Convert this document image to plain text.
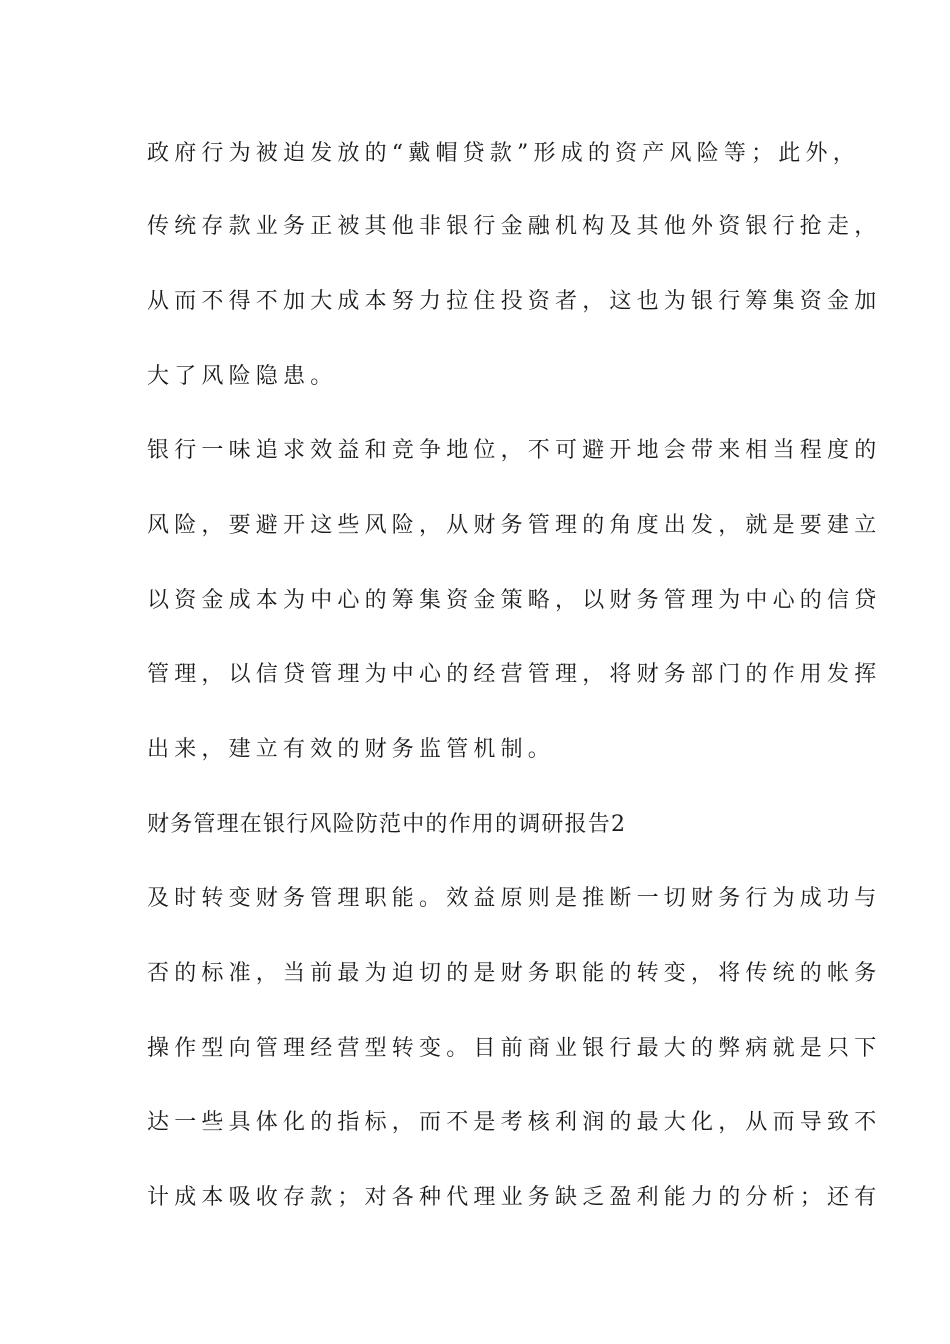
政府行为被迫发放的“戴帽贷款”形成的资产风险等；此外，

传统存款业务正被其他非银行金融机构及其他外资银行抢走，

从而不得不加大成本努力拉住投资者，这也为银行筹集资金加

大了风险隐患。

银行一味追求效益和竞争地位，不可避开地会带来相当程度的

风险，要避开这些风险，从财务管理的角度出发，就是要建立

以资金成本为中心的筹集资金策略，以财务管理为中心的信贷

管理，以信贷管理为中心的经营管理，将财务部门的作用发挥

出来，建立有效的财务监管机制。

财务管理在银行风险防范中的作用的调研报告2

及时转变财务管理职能。效益原则是推断一切财务行为成功与

否的标准，当前最为迫切的是财务职能的转变，将传统的帐务

操作型向管理经营型转变。目前商业银行最大的弊病就是只下

达一些具体化的指标，而不是考核利润的最大化，从而导致不

计成本吸收存款；对各种代理业务缺乏盈利能力的分析；还有
